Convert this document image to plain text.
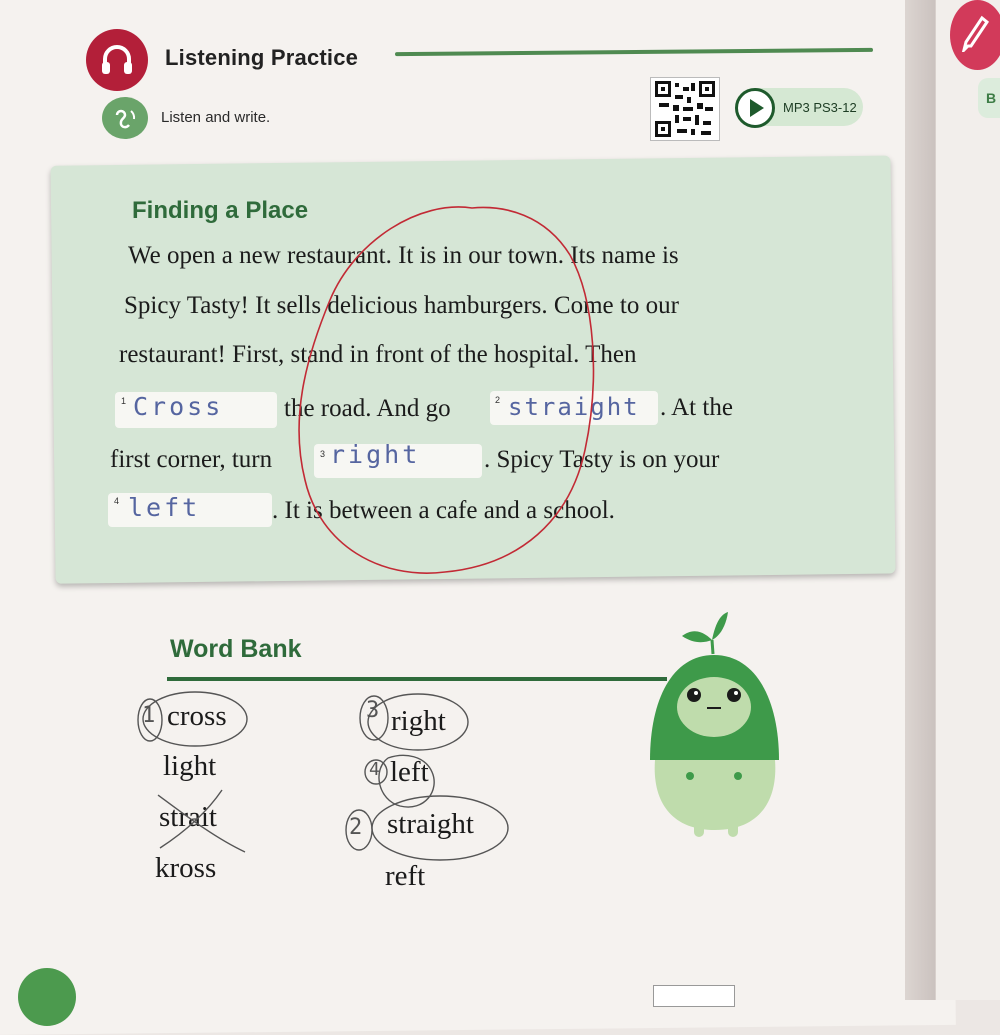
B
Listening Practice
Listen and write.
MP3 PS3-12
Finding a Place
We open a new restaurant. It is in our town. Its name is
Spicy Tasty! It sells delicious hamburgers. Come to our
restaurant! First, stand in front of the hospital. Then
1 Cross the road. And go	2 straight . At the
first corner, turn	3 right	. Spicy Tasty is on your
4 left	. It is between a cafe and a school.
Word Bank
cross
light
strait
kross
right
left
straight
reft
1	3
4
2
